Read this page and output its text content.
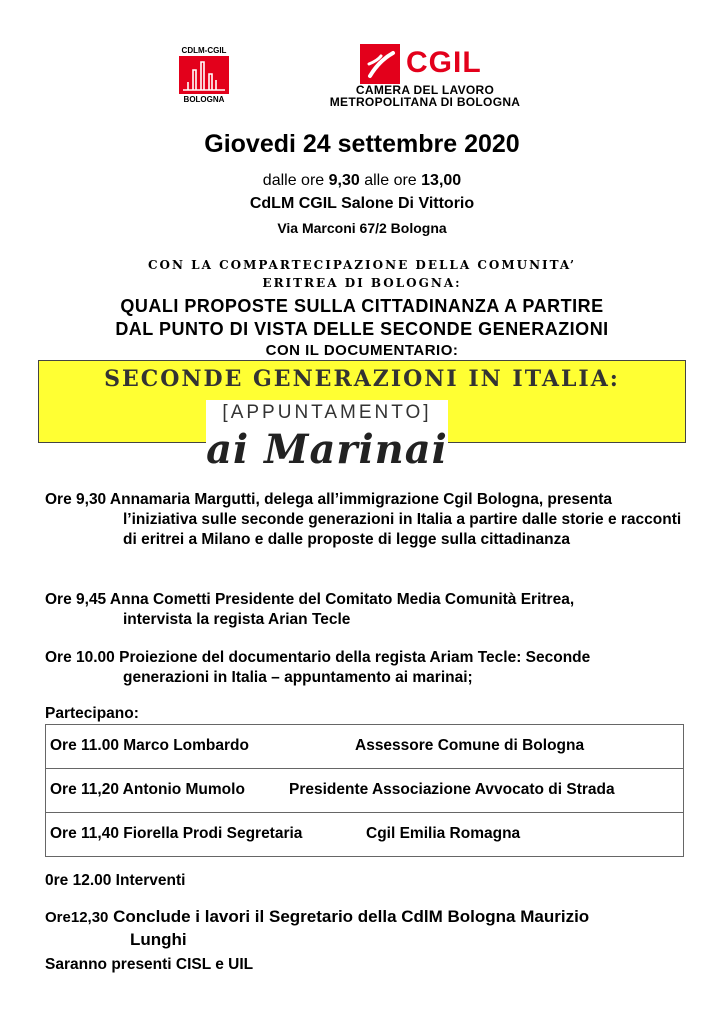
CDLM-CGIL
BOLOGNA
CGIL
CAMERA DEL LAVORO
METROPOLITANA DI BOLOGNA
Giovedi 24 settembre 2020
dalle ore 9,30 alle ore 13,00
CdLM CGIL Salone Di Vittorio
Via Marconi 67/2 Bologna
CON LA COMPARTECIPAZIONE DELLA COMUNITA’
ERITREA DI BOLOGNA:
QUALI PROPOSTE SULLA CITTADINANZA A PARTIRE
DAL PUNTO DI VISTA DELLE SECONDE GENERAZIONI
CON IL DOCUMENTARIO:
SECONDE GENERAZIONI IN ITALIA:
[APPUNTAMENTO]
ai Marinai
Ore 9,30 Annamaria Margutti, delega all’immigrazione Cgil Bologna, presenta
l’iniziativa sulle seconde generazioni in Italia a partire dalle storie e racconti di eritrei a Milano e dalle proposte di legge sulla cittadinanza
Ore 9,45 Anna Cometti Presidente del Comitato Media Comunità Eritrea,
intervista la regista Arian Tecle
Ore 10.00 Proiezione del documentario della regista Ariam Tecle: Seconde
generazioni in Italia – appuntamento ai marinai;
Partecipano:
Ore 11.00 Marco Lombardo	Assessore Comune di Bologna
Ore 11,20 Antonio Mumolo	Presidente Associazione Avvocato di Strada
Ore 11,40 Fiorella Prodi Segretaria	Cgil Emilia Romagna
0re 12.00 Interventi
Ore12,30 Conclude i lavori il Segretario della CdlM Bologna Maurizio
Lunghi
Saranno presenti CISL e UIL
